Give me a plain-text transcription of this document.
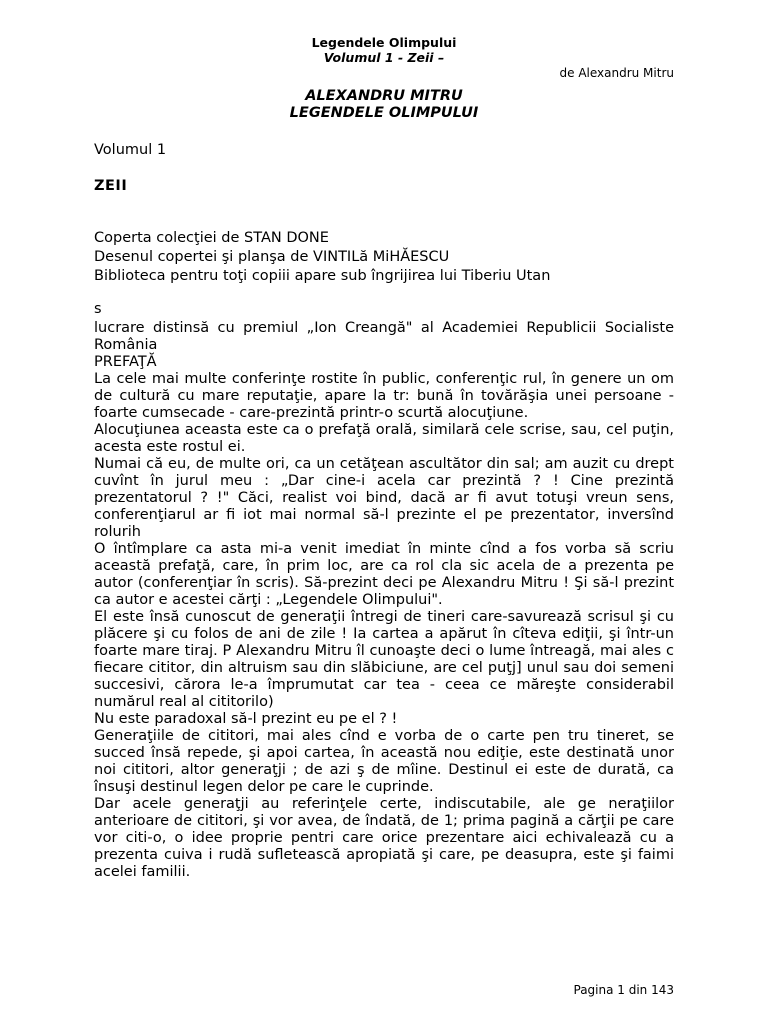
Legendele Olimpului
Volumul 1 - Zeii –
de Alexandru Mitru
ALEXANDRU MITRU
LEGENDELE OLIMPULUI
Volumul 1
ZEII
Coperta colecţiei de STAN DONE
Desenul copertei şi planşa de VINTILă MiHĂESCU
Biblioteca pentru toţi copiii apare sub îngrijirea lui Tiberiu Utan

s

lucrare distinsă cu premiul „Ion Creangă" al Academiei Republicii Socialiste România

PREFAŢĂ

La cele mai multe conferinţe rostite în public, conferenţic rul, în genere un om de cultură cu mare reputaţie, apare la tr: bună în tovărăşia unei persoane - foarte cumsecade - care-prezintă printr-o scurtă alocuţiune.

Alocuţiunea aceasta este ca o prefaţă orală, similară cele scrise, sau, cel puţin, acesta este rostul ei.

Numai că eu, de multe ori, ca un cetăţean ascultător din sal; am auzit cu drept cuvînt în jurul meu : „Dar cine-i acela car prezintă ? ! Cine prezintă prezentatorul ? !" Căci, realist voi bind, dacă ar fi avut totuşi vreun sens, conferenţiarul ar fi iot mai normal să-l prezinte el pe prezentator, inversînd rolurih

O întîmplare ca asta mi-a venit imediat în minte cînd a fos vorba să scriu această prefaţă, care, în prim loc, are ca rol cla sic acela de a prezenta pe autor (conferenţiar în scris). Să-prezint deci pe Alexandru Mitru ! Şi să-l prezint ca autor e acestei cărţi : „Legendele Olimpului".

El este însă cunoscut de generaţii întregi de tineri care-savurează scrisul şi cu plăcere şi cu folos de ani de zile ! Ia cartea a apărut în cîteva ediţii, şi într-un foarte mare tiraj. P Alexandru Mitru îl cunoaşte deci o lume întreagă, mai ales c fiecare cititor, din altruism sau din slăbiciune, are cel puţj] unul sau doi semeni succesivi, cărora le-a împrumutat car tea - ceea ce măreşte considerabil numărul real al cititorilo)

Nu este paradoxal să-l prezint eu pe el ? !

Generaţiile de cititori, mai ales cînd e vorba de o carte pen tru tineret, se succed însă repede, şi apoi cartea, în această nou ediţie, este destinată unor noi cititori, altor generaţji ; de azi ş de mîine. Destinul ei este de durată, ca însuşi destinul legen delor pe care le cuprinde.

Dar acele generaţji au referinţele certe, indiscutabile, ale ge neraţiilor anterioare de cititori, şi vor avea, de îndată, de 1; prima pagină a cărţii pe care vor citi-o, o idee proprie pentri care orice prezentare aici echivalează cu a prezenta cuiva i rudă sufletească apropiată şi care, pe deasupra, este şi faimi acelei familii.

Pagina 1 din 143
